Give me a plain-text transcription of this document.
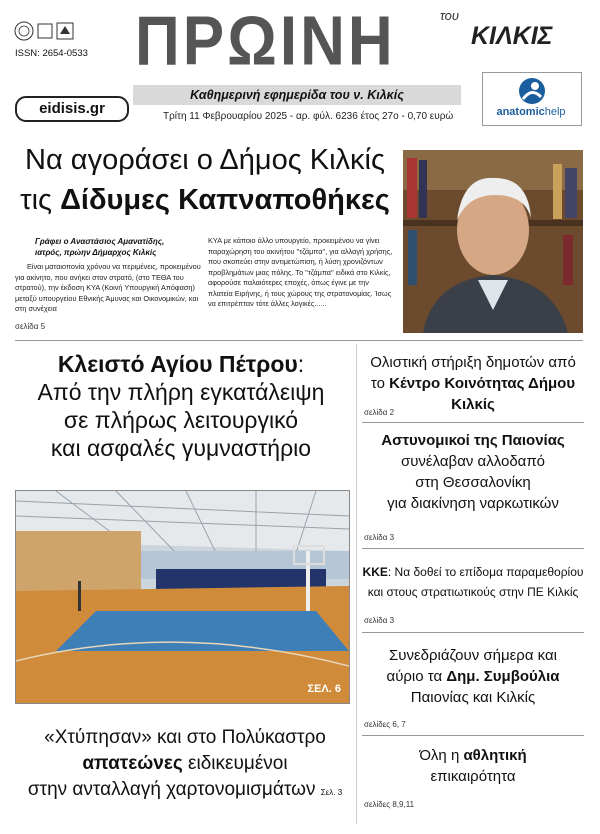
ISSN: 2654-0533
eidisis.gr
ΠΡΩΙΝΗ	του
ΚΙΛΚΙΣ
Καθημερινή εφημερίδα του ν. Κιλκίς
Τρίτη 11 Φεβρουαρίου 2025 - αρ. φύλ. 6236 έτος 27ο - 0,70 ευρώ	anatomichelp
Να αγοράσει ο Δήμος Κιλκίς
τις Δίδυμες Καπναποθήκες
Γράφει ο Αναστάσιος Αμανατίδης,
ιατρός, πρώην Δήμαρχος Κιλκίς
Είναι ματαιοπονία χρόνου να περιμένεις, προκειμένου για ακίνητο, που ανήκει στον στρατό, (στο ΤΕΘΑ του στρατού), την έκδοση ΚΥΑ (Κοινή Υπουργική Απόφαση) μεταξύ υπουργείου Εθνικής Άμυνας και Οικονομικών, και στη συνέχεια
ΚΥΑ με κάποιο άλλο υπουργείο, προκειμένου να γίνει παραχώρηση του ακινήτου ''τζάμπα'', για αλλαγή χρήσης, που σκοπεύει στην αντιμετώπιση, ή λύση χρονιζόντων προβλημάτων μιας πόλης. Το ''τζάμπα'' ειδικά στο Κιλκίς, αφορούσε παλαιότερες εποχές, όπως έγινε με την πλατεία Ειρήνης, ή τους χώρους της στρατονομίας. Ίσως να επιτρέπταν τότε άλλες λογικές......
σελίδα 5
Κλειστό Αγίου Πέτρου:
Από την πλήρη εγκατάλειψη
σε πλήρως λειτουργικό
και ασφαλές γυμναστήριο
ΣΕΛ. 6
Ολιστική στήριξη δημοτών από
το Κέντρο Κοινότητας Δήμου Κιλκίς
σελίδα 2
Αστυνομικοί της Παιονίας
συνέλαβαν αλλοδαπό
στη Θεσσαλονίκη
για διακίνηση ναρκωτικών
σελίδα 3
ΚΚΕ: Να δοθεί το επίδομα παραμεθορίου
και στους στρατιωτικούς στην ΠΕ Κιλκίς
σελίδα 3
Συνεδριάζουν σήμερα και
αύριο τα Δημ. Συμβούλια
Παιονίας και Κιλκίς
σελίδες 6, 7
Όλη η αθλητική
επικαιρότητα
σελίδες 8,9,11
«Χτύπησαν» και στο Πολύκαστρο
απατεώνες ειδικευμένοι
στην ανταλλαγή χαρτονομισμάτων Σελ. 3
